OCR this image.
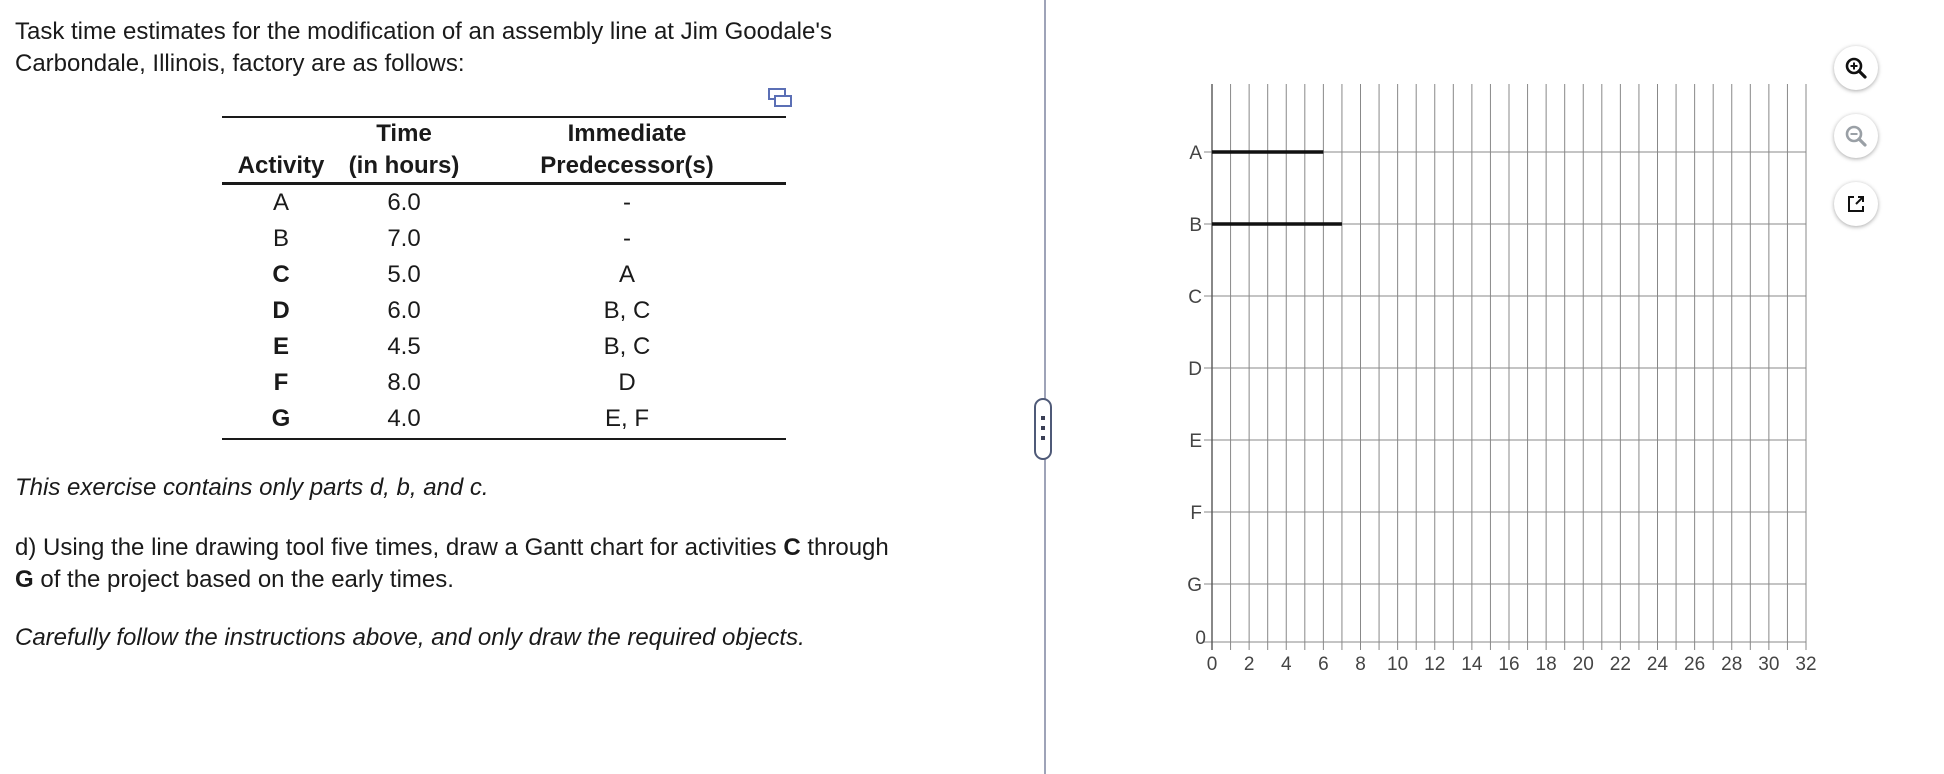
Task time estimates for the modification of an assembly line at Jim Goodale's
Carbondale, Illinois, factory are as follows:

	Time	Immediate
Activity	(in hours)	Predecessor(s)
A	6.0	-
B	7.0	-
C	5.0	A
D	6.0	B, C
E	4.5	B, C
F	8.0	D
G	4.0	E, F

This exercise contains only parts d, b, and c.

d) Using the line drawing tool five times, draw a Gantt chart for activities C through
G of the project based on the early times.

Carefully follow the instructions above, and only draw the required objects.

A
B
C
D
E
F
G
0
0 2 4 6 8 10 12 14 16 18 20 22 24 26 28 30 32
